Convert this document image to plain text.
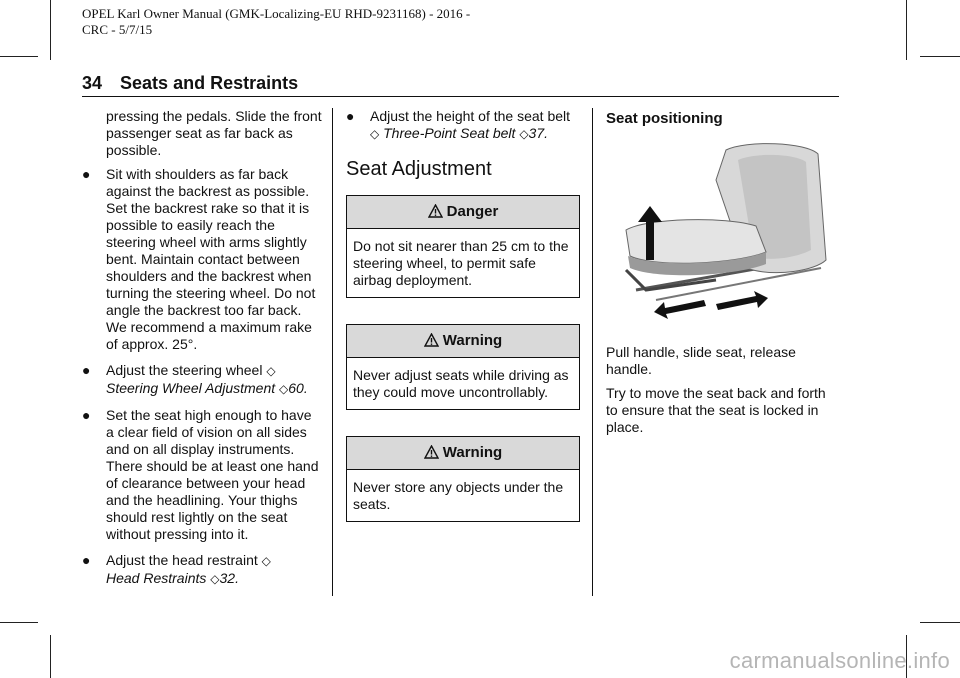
OPEL Karl Owner Manual (GMK-Localizing-EU RHD-9231168) - 2016 -
CRC - 5/7/15
34 Seats and Restraints

pressing the pedals. Slide the front passenger seat as far back as possible.

● Sit with shoulders as far back against the backrest as possible. Set the backrest rake so that it is possible to easily reach the steering wheel with arms slightly bent. Maintain contact between shoulders and the backrest when turning the steering wheel. Do not angle the backrest too far back. We recommend a maximum rake of approx. 25°.
● Adjust the steering wheel ◇
Steering Wheel Adjustment ◇60.
● Set the seat high enough to have a clear field of vision on all sides and on all display instruments. There should be at least one hand of clearance between your head and the headlining. Your thighs should rest lightly on the seat without pressing into it.
● Adjust the head restraint ◇
Head Restraints ◇32.
● Adjust the height of the seat belt
◇ Three-Point Seat belt ◇37.
Seat Adjustment
Danger
Do not sit nearer than 25 cm to the steering wheel, to permit safe airbag deployment.
Warning
Never adjust seats while driving as they could move uncontrollably.
Warning
Never store any objects under the seats.
Seat positioning

Pull handle, slide seat, release handle.

Try to move the seat back and forth to ensure that the seat is locked in place.

carmanualsonline.info
